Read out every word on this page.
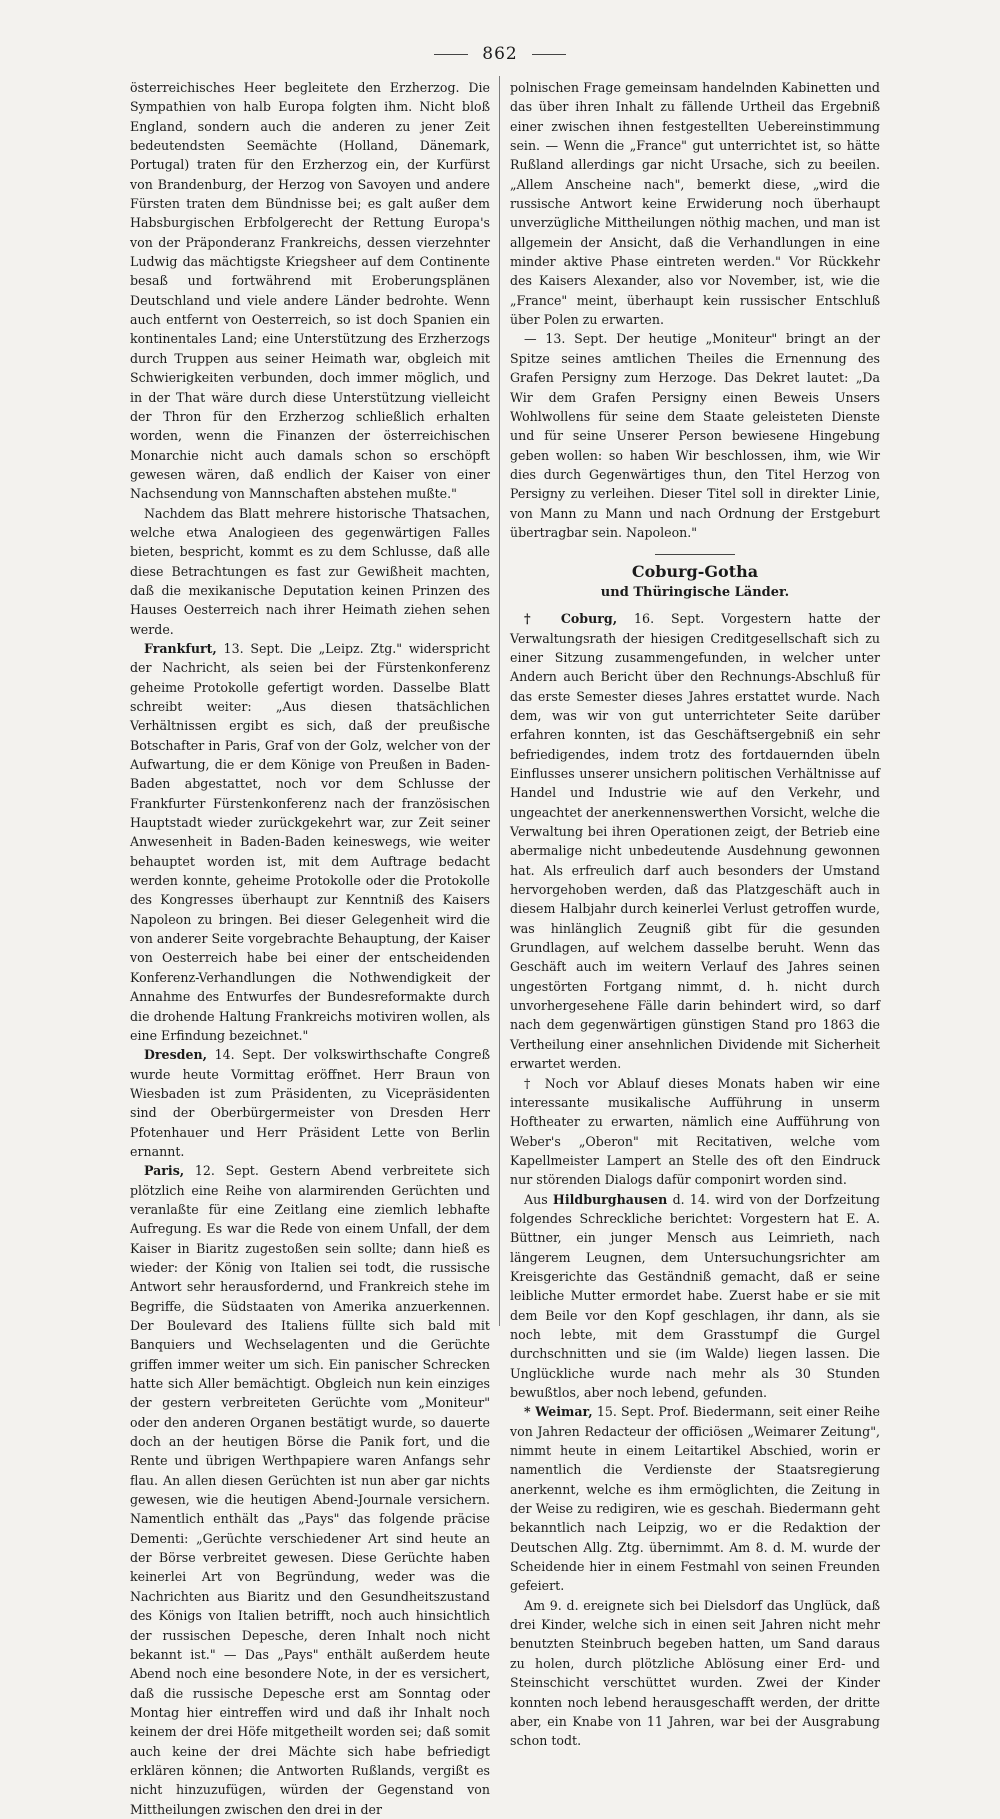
862

österreichisches Heer begleitete den Erzherzog. Die Sympathien von halb Europa folgten ihm. Nicht bloß England, sondern auch die anderen zu jener Zeit bedeutendsten Seemächte (Holland, Dänemark, Portugal) traten für den Erzherzog ein, der Kurfürst von Brandenburg, der Herzog von Savoyen und andere Fürsten traten dem Bündnisse bei; es galt außer dem Habsburgischen Erbfolgerecht der Rettung Europa's von der Präponderanz Frankreichs, dessen vierzehnter Ludwig das mächtigste Kriegsheer auf dem Continente besaß und fortwährend mit Eroberungsplänen Deutschland und viele andere Länder bedrohte. Wenn auch entfernt von Oesterreich, so ist doch Spanien ein kontinentales Land; eine Unterstützung des Erzherzogs durch Truppen aus seiner Heimath war, obgleich mit Schwierigkeiten verbunden, doch immer möglich, und in der That wäre durch diese Unterstützung vielleicht der Thron für den Erzherzog schließlich erhalten worden, wenn die Finanzen der österreichischen Monarchie nicht auch damals schon so erschöpft gewesen wären, daß endlich der Kaiser von einer Nachsendung von Mannschaften abstehen mußte."

Nachdem das Blatt mehrere historische Thatsachen, welche etwa Analogieen des gegenwärtigen Falles bieten, bespricht, kommt es zu dem Schlusse, daß alle diese Betrachtungen es fast zur Gewißheit machten, daß die mexikanische Deputation keinen Prinzen des Hauses Oesterreich nach ihrer Heimath ziehen sehen werde.

Frankfurt, 13. Sept. Die „Leipz. Ztg." widerspricht der Nachricht, als seien bei der Fürstenkonferenz geheime Protokolle gefertigt worden. Dasselbe Blatt schreibt weiter: „Aus diesen thatsächlichen Verhältnissen ergibt es sich, daß der preußische Botschafter in Paris, Graf von der Golz, welcher von der Aufwartung, die er dem Könige von Preußen in Baden-Baden abgestattet, noch vor dem Schlusse der Frankfurter Fürstenkonferenz nach der französischen Hauptstadt wieder zurückgekehrt war, zur Zeit seiner Anwesenheit in Baden-Baden keineswegs, wie weiter behauptet worden ist, mit dem Auftrage bedacht werden konnte, geheime Protokolle oder die Protokolle des Kongresses überhaupt zur Kenntniß des Kaisers Napoleon zu bringen. Bei dieser Gelegenheit wird die von anderer Seite vorgebrachte Behauptung, der Kaiser von Oesterreich habe bei einer der entscheidenden Konferenz-Verhandlungen die Nothwendigkeit der Annahme des Entwurfes der Bundesreformakte durch die drohende Haltung Frankreichs motiviren wollen, als eine Erfindung bezeichnet."

Dresden, 14. Sept. Der volkswirthschafte Congreß wurde heute Vormittag eröffnet. Herr Braun von Wiesbaden ist zum Präsidenten, zu Vicepräsidenten sind der Oberbürgermeister von Dresden Herr Pfotenhauer und Herr Präsident Lette von Berlin ernannt.

Paris, 12. Sept. Gestern Abend verbreitete sich plötzlich eine Reihe von alarmirenden Gerüchten und veranlaßte für eine Zeitlang eine ziemlich lebhafte Aufregung. Es war die Rede von einem Unfall, der dem Kaiser in Biaritz zugestoßen sein sollte; dann hieß es wieder: der König von Italien sei todt, die russische Antwort sehr herausfordernd, und Frankreich stehe im Begriffe, die Südstaaten von Amerika anzuerkennen. Der Boulevard des Italiens füllte sich bald mit Banquiers und Wechselagenten und die Gerüchte griffen immer weiter um sich. Ein panischer Schrecken hatte sich Aller bemächtigt. Obgleich nun kein einziges der gestern verbreiteten Gerüchte vom „Moniteur" oder den anderen Organen bestätigt wurde, so dauerte doch an der heutigen Börse die Panik fort, und die Rente und übrigen Werthpapiere waren Anfangs sehr flau. An allen diesen Gerüchten ist nun aber gar nichts gewesen, wie die heutigen Abend-Journale versichern. Namentlich enthält das „Pays" das folgende präcise Dementi: „Gerüchte verschiedener Art sind heute an der Börse verbreitet gewesen. Diese Gerüchte haben keinerlei Art von Begründung, weder was die Nachrichten aus Biaritz und den Gesundheitszustand des Königs von Italien betrifft, noch auch hinsichtlich der russischen Depesche, deren Inhalt noch nicht bekannt ist." — Das „Pays" enthält außerdem heute Abend noch eine besondere Note, in der es versichert, daß die russische Depesche erst am Sonntag oder Montag hier eintreffen wird und daß ihr Inhalt noch keinem der drei Höfe mitgetheilt worden sei; daß somit auch keine der drei Mächte sich habe befriedigt erklären können; die Antworten Rußlands, vergißt es nicht hinzuzufügen, würden der Gegenstand von Mittheilungen zwischen den drei in der

polnischen Frage gemeinsam handelnden Kabinetten und das über ihren Inhalt zu fällende Urtheil das Ergebniß einer zwischen ihnen festgestellten Uebereinstimmung sein. — Wenn die „France" gut unterrichtet ist, so hätte Rußland allerdings gar nicht Ursache, sich zu beeilen. „Allem Anscheine nach", bemerkt diese, „wird die russische Antwort keine Erwiderung noch überhaupt unverzügliche Mittheilungen nöthig machen, und man ist allgemein der Ansicht, daß die Verhandlungen in eine minder aktive Phase eintreten werden." Vor Rückkehr des Kaisers Alexander, also vor November, ist, wie die „France" meint, überhaupt kein russischer Entschluß über Polen zu erwarten.

— 13. Sept. Der heutige „Moniteur" bringt an der Spitze seines amtlichen Theiles die Ernennung des Grafen Persigny zum Herzoge. Das Dekret lautet: „Da Wir dem Grafen Persigny einen Beweis Unsers Wohlwollens für seine dem Staate geleisteten Dienste und für seine Unserer Person bewiesene Hingebung geben wollen: so haben Wir beschlossen, ihm, wie Wir dies durch Gegenwärtiges thun, den Titel Herzog von Persigny zu verleihen. Dieser Titel soll in direkter Linie, von Mann zu Mann und nach Ordnung der Erstgeburt übertragbar sein. Napoleon."

Coburg-Gotha
und Thüringische Länder.

† Coburg, 16. Sept. Vorgestern hatte der Verwaltungsrath der hiesigen Creditgesellschaft sich zu einer Sitzung zusammengefunden, in welcher unter Andern auch Bericht über den Rechnungs-Abschluß für das erste Semester dieses Jahres erstattet wurde. Nach dem, was wir von gut unterrichteter Seite darüber erfahren konnten, ist das Geschäftsergebniß ein sehr befriedigendes, indem trotz des fortdauernden übeln Einflusses unserer unsichern politischen Verhältnisse auf Handel und Industrie wie auf den Verkehr, und ungeachtet der anerkennenswerthen Vorsicht, welche die Verwaltung bei ihren Operationen zeigt, der Betrieb eine abermalige nicht unbedeutende Ausdehnung gewonnen hat. Als erfreulich darf auch besonders der Umstand hervorgehoben werden, daß das Platzgeschäft auch in diesem Halbjahr durch keinerlei Verlust getroffen wurde, was hinlänglich Zeugniß gibt für die gesunden Grundlagen, auf welchem dasselbe beruht. Wenn das Geschäft auch im weitern Verlauf des Jahres seinen ungestörten Fortgang nimmt, d. h. nicht durch unvorhergesehene Fälle darin behindert wird, so darf nach dem gegenwärtigen günstigen Stand pro 1863 die Vertheilung einer ansehnlichen Dividende mit Sicherheit erwartet werden.

† Noch vor Ablauf dieses Monats haben wir eine interessante musikalische Aufführung in unserm Hoftheater zu erwarten, nämlich eine Aufführung von Weber's „Oberon" mit Recitativen, welche vom Kapellmeister Lampert an Stelle des oft den Eindruck nur störenden Dialogs dafür componirt worden sind.

Aus Hildburghausen d. 14. wird von der Dorfzeitung folgendes Schreckliche berichtet: Vorgestern hat E. A. Büttner, ein junger Mensch aus Leimrieth, nach längerem Leugnen, dem Untersuchungsrichter am Kreisgerichte das Geständniß gemacht, daß er seine leibliche Mutter ermordet habe. Zuerst habe er sie mit dem Beile vor den Kopf geschlagen, ihr dann, als sie noch lebte, mit dem Grasstumpf die Gurgel durchschnitten und sie (im Walde) liegen lassen. Die Unglückliche wurde nach mehr als 30 Stunden bewußtlos, aber noch lebend, gefunden.

* Weimar, 15. Sept. Prof. Biedermann, seit einer Reihe von Jahren Redacteur der officiösen „Weimarer Zeitung", nimmt heute in einem Leitartikel Abschied, worin er namentlich die Verdienste der Staatsregierung anerkennt, welche es ihm ermöglichten, die Zeitung in der Weise zu redigiren, wie es geschah. Biedermann geht bekanntlich nach Leipzig, wo er die Redaktion der Deutschen Allg. Ztg. übernimmt. Am 8. d. M. wurde der Scheidende hier in einem Festmahl von seinen Freunden gefeiert.

Am 9. d. ereignete sich bei Dielsdorf das Unglück, daß drei Kinder, welche sich in einen seit Jahren nicht mehr benutzten Steinbruch begeben hatten, um Sand daraus zu holen, durch plötzliche Ablösung einer Erd- und Steinschicht verschüttet wurden. Zwei der Kinder konnten noch lebend herausgeschafft werden, der dritte aber, ein Knabe von 11 Jahren, war bei der Ausgrabung schon todt.
